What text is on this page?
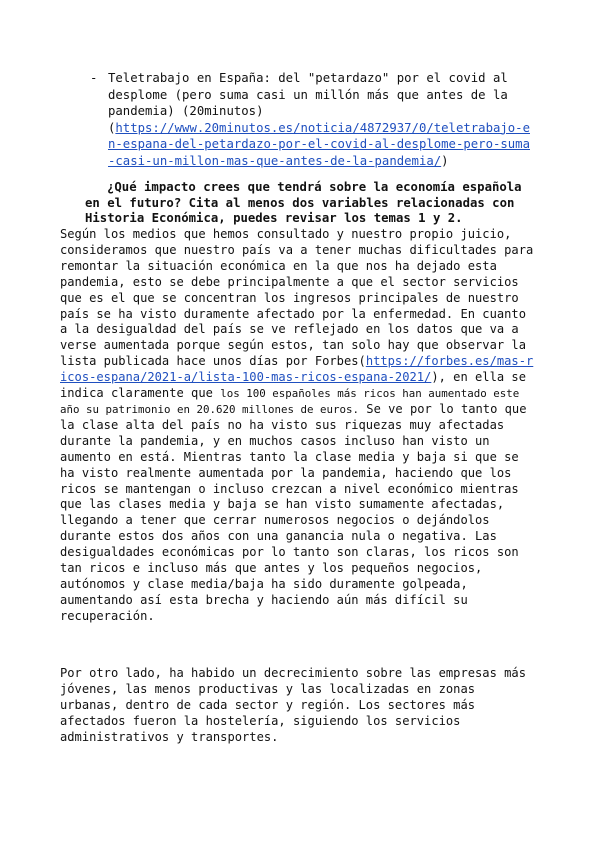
- Teletrabajo en España: del "petardazo" por el covid al desplome (pero suma casi un millón más que antes de la pandemia) (20minutos)
(https://www.20minutos.es/noticia/4872937/0/teletrabajo-en-espana-del-petardazo-por-el-covid-al-desplome-pero-suma-casi-un-millon-mas-que-antes-de-la-pandemia/)
¿Qué impacto crees que tendrá sobre la economía española en el futuro? Cita al menos dos variables relacionadas con Historia Económica, puedes revisar los temas 1 y 2.
Según los medios que hemos consultado y nuestro propio juicio, consideramos que nuestro país va a tener muchas dificultades para remontar la situación económica en la que nos ha dejado esta pandemia, esto se debe principalmente a que el sector servicios que es el que se concentran los ingresos principales de nuestro país se ha visto duramente afectado por la enfermedad. En cuanto a la desigualdad del país se ve reflejado en los datos que va a verse aumentada porque según estos, tan solo hay que observar la lista publicada hace unos días por Forbes(https://forbes.es/mas-ricos-espana/2021-a/lista-100-mas-ricos-espana-2021/), en ella se indica claramente que los 100 españoles más ricos han aumentado este año su patrimonio en 20.620 millones de euros. Se ve por lo tanto que la clase alta del país no ha visto sus riquezas muy afectadas durante la pandemia, y en muchos casos incluso han visto un aumento en está. Mientras tanto la clase media y baja si que se ha visto realmente aumentada por la pandemia, haciendo que los ricos se mantengan o incluso crezcan a nivel económico mientras que las clases media y baja se han visto sumamente afectadas, llegando a tener que cerrar numerosos negocios o dejándolos durante estos dos años con una ganancia nula o negativa. Las desigualdades económicas por lo tanto son claras, los ricos son tan ricos e incluso más que antes y los pequeños negocios, autónomos y clase media/baja ha sido duramente golpeada, aumentando así esta brecha y haciendo aún más difícil su recuperación.
Por otro lado, ha habido un decrecimiento sobre las empresas más jóvenes, las menos productivas y las localizadas en zonas urbanas, dentro de cada sector y región. Los sectores más afectados fueron la hostelería, siguiendo los servicios administrativos y transportes.
